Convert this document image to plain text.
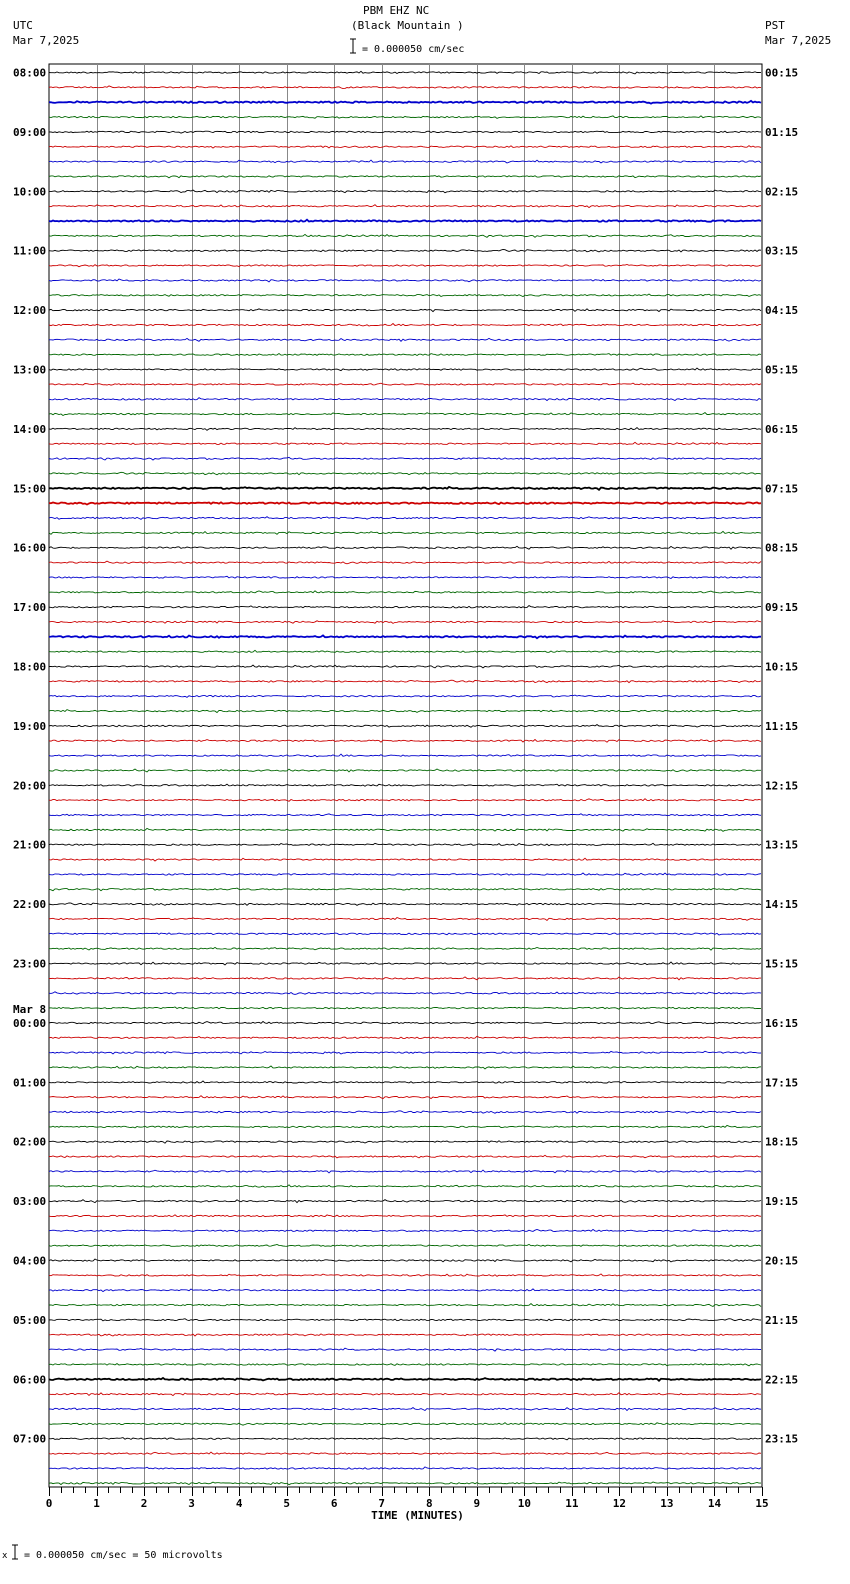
PBM EHZ NC
(Black Mountain )
UTC
Mar 7,2025
PST
Mar 7,2025
= 0.000050 cm/sec
08:00
09:00
10:00
11:00
12:00
13:00
14:00
15:00
16:00
17:00
18:00
19:00
20:00
21:00
22:00
23:00
Mar 8
00:00
01:00
02:00
03:00
04:00
05:00
06:00
07:00
00:15
01:15
02:15
03:15
04:15
05:15
06:15
07:15
08:15
09:15
10:15
11:15
12:15
13:15
14:15
15:15
16:15
17:15
18:15
19:15
20:15
21:15
22:15
23:15
0	1	2	3	4	5	6	7	8	9	10	11	12	13	14	15
TIME (MINUTES)
x = 0.000050 cm/sec = 50 microvolts
